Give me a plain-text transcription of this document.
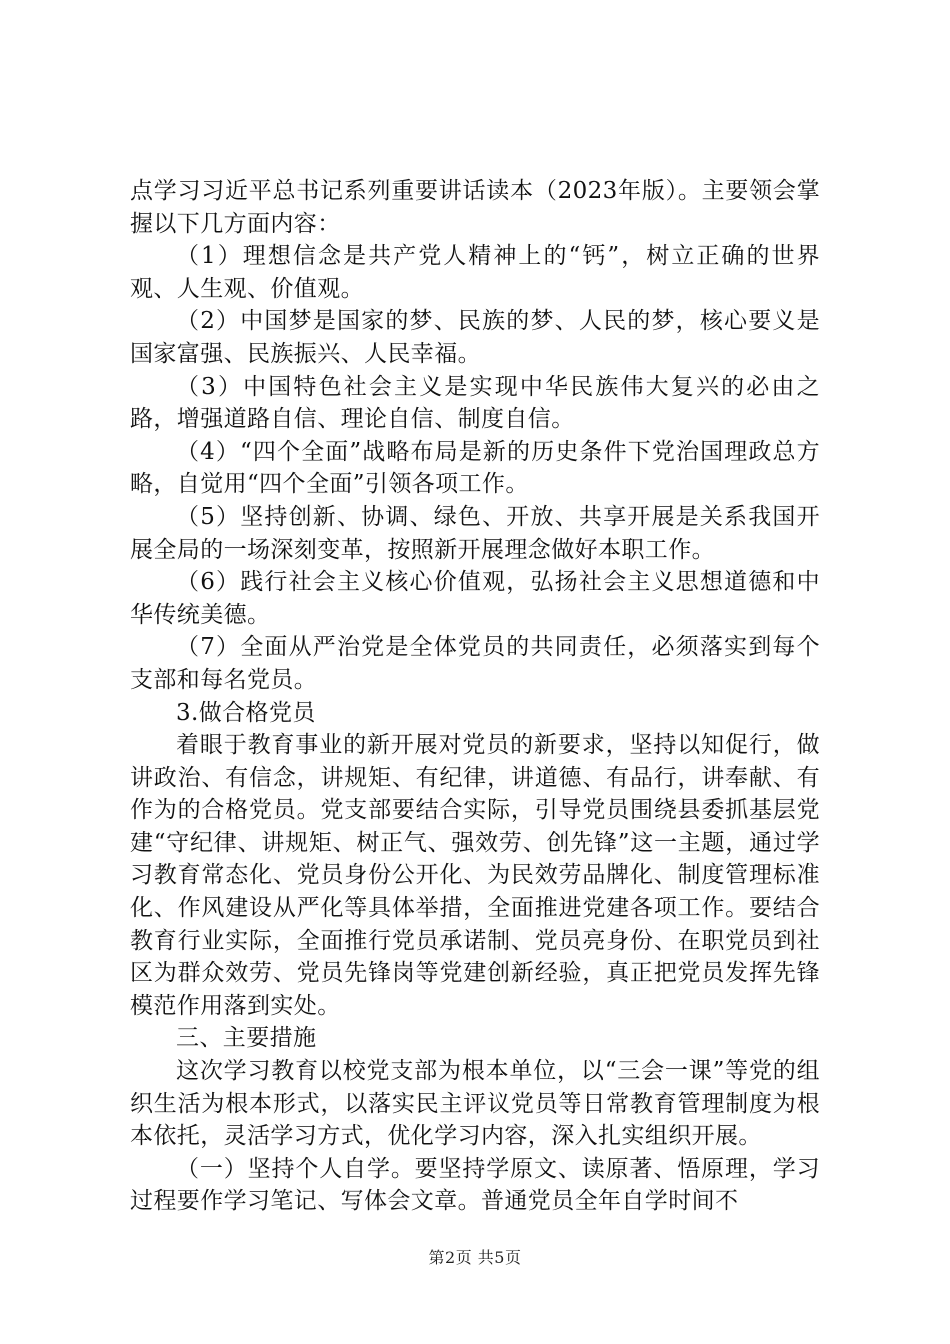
点学习习近平总书记系列重要讲话读本（2023年版）。主要领会掌握以下几方面内容：

（1）理想信念是共产党人精神上的“钙”，树立正确的世界观、人生观、价值观。

（2）中国梦是国家的梦、民族的梦、人民的梦，核心要义是国家富强、民族振兴、人民幸福。

（3）中国特色社会主义是实现中华民族伟大复兴的必由之路，增强道路自信、理论自信、制度自信。

（4）“四个全面”战略布局是新的历史条件下党治国理政总方略，自觉用“四个全面”引领各项工作。

（5）坚持创新、协调、绿色、开放、共享开展是关系我国开展全局的一场深刻变革，按照新开展理念做好本职工作。

（6）践行社会主义核心价值观，弘扬社会主义思想道德和中华传统美德。

（7）全面从严治党是全体党员的共同责任，必须落实到每个支部和每名党员。

3.做合格党员

着眼于教育事业的新开展对党员的新要求，坚持以知促行，做讲政治、有信念，讲规矩、有纪律，讲道德、有品行，讲奉献、有作为的合格党员。党支部要结合实际，引导党员围绕县委抓基层党建“守纪律、讲规矩、树正气、强效劳、创先锋”这一主题，通过学习教育常态化、党员身份公开化、为民效劳品牌化、制度管理标准化、作风建设从严化等具体举措，全面推进党建各项工作。要结合教育行业实际，全面推行党员承诺制、党员亮身份、在职党员到社区为群众效劳、党员先锋岗等党建创新经验，真正把党员发挥先锋模范作用落到实处。

三、主要措施

这次学习教育以校党支部为根本单位，以“三会一课”等党的组织生活为根本形式，以落实民主评议党员等日常教育管理制度为根本依托，灵活学习方式，优化学习内容，深入扎实组织开展。

（一）坚持个人自学。要坚持学原文、读原著、悟原理，学习过程要作学习笔记、写体会文章。普通党员全年自学时间不

第2页 共5页
